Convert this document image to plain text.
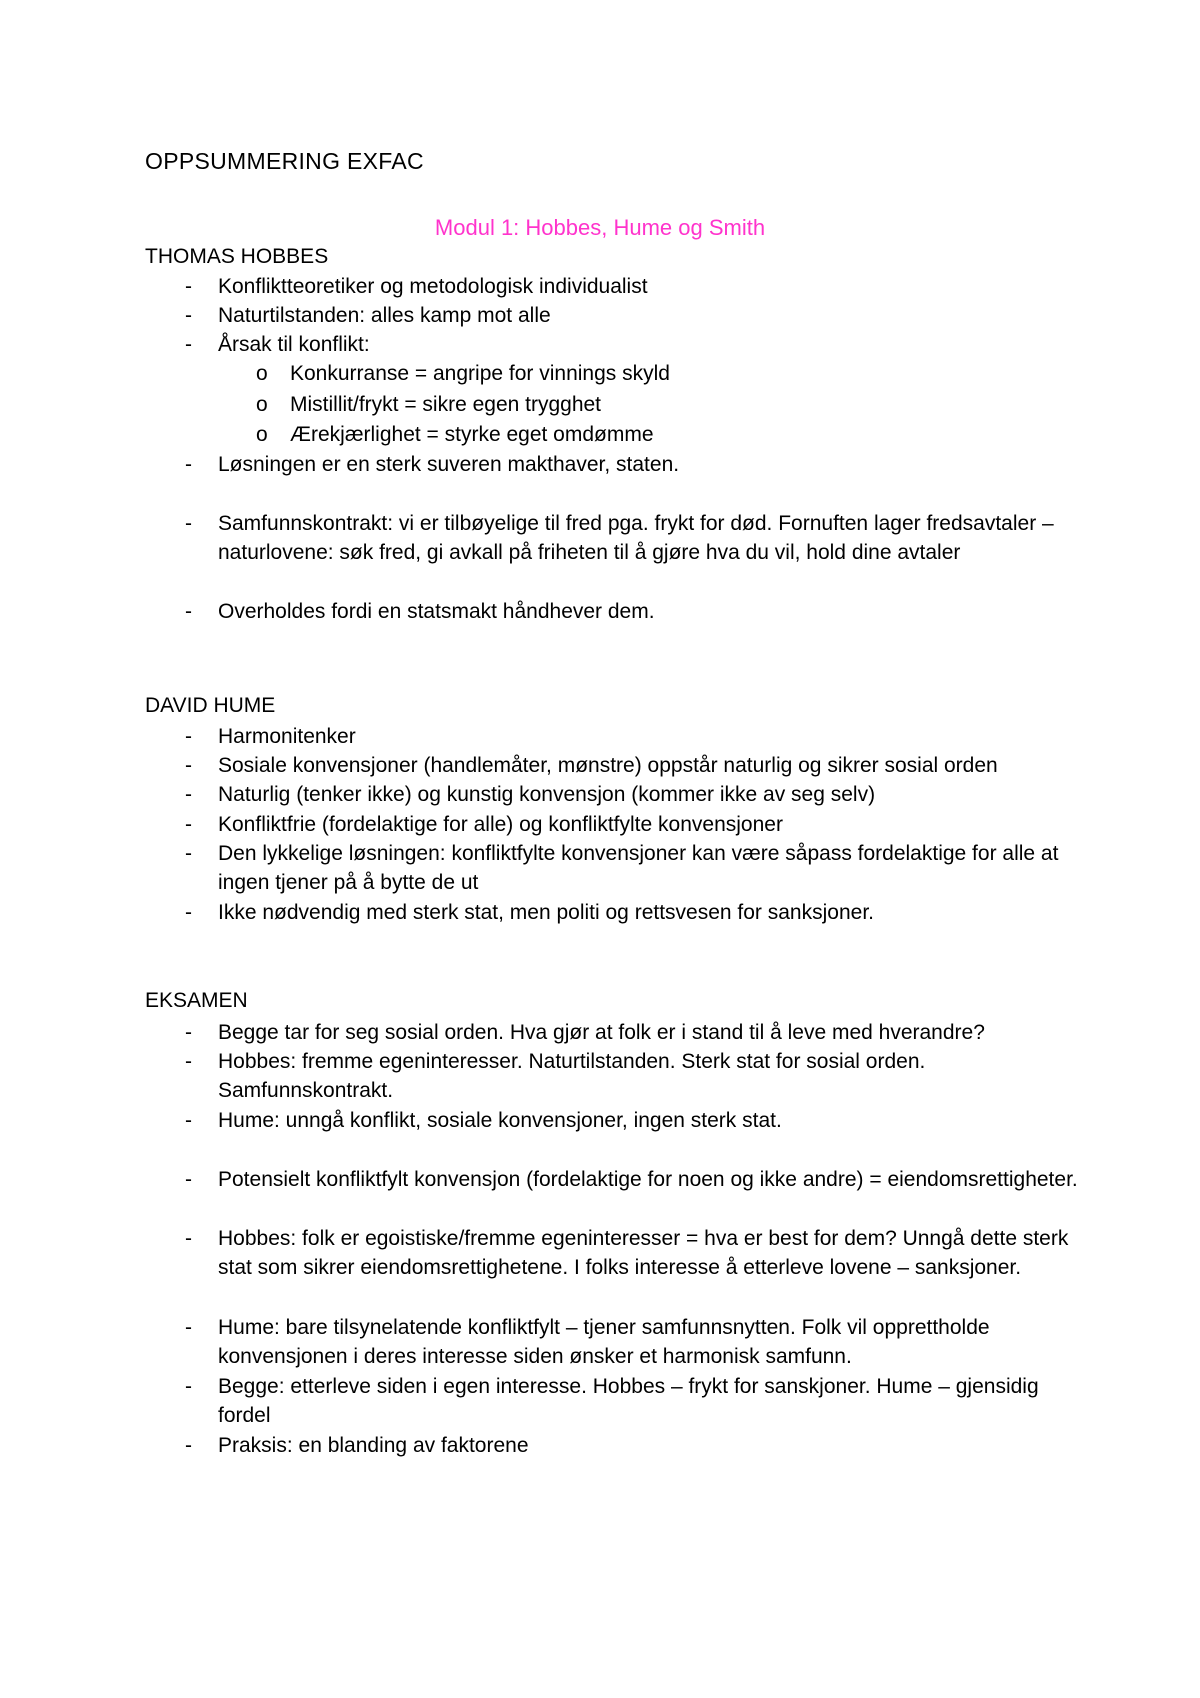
OPPSUMMERING EXFAC
Modul 1: Hobbes, Hume og Smith
THOMAS HOBBES
- Konfliktteoretiker og metodologisk individualist
- Naturtilstanden: alles kamp mot alle
- Årsak til konflikt:
o Konkurranse = angripe for vinnings skyld
o Mistillit/frykt = sikre egen trygghet
o Ærekjærlighet = styrke eget omdømme
- Løsningen er en sterk suveren makthaver, staten.
- Samfunnskontrakt: vi er tilbøyelige til fred pga. frykt for død. Fornuften lager fredsavtaler – naturlovene: søk fred, gi avkall på friheten til å gjøre hva du vil, hold dine avtaler
- Overholdes fordi en statsmakt håndhever dem.
DAVID HUME
- Harmonitenker
- Sosiale konvensjoner (handlemåter, mønstre) oppstår naturlig og sikrer sosial orden
- Naturlig (tenker ikke) og kunstig konvensjon (kommer ikke av seg selv)
- Konfliktfrie (fordelaktige for alle) og konfliktfylte konvensjoner
- Den lykkelige løsningen: konfliktfylte konvensjoner kan være såpass fordelaktige for alle at ingen tjener på å bytte de ut
- Ikke nødvendig med sterk stat, men politi og rettsvesen for sanksjoner.
EKSAMEN
- Begge tar for seg sosial orden. Hva gjør at folk er i stand til å leve med hverandre?
- Hobbes: fremme egeninteresser. Naturtilstanden. Sterk stat for sosial orden. Samfunnskontrakt.
- Hume: unngå konflikt, sosiale konvensjoner, ingen sterk stat.
- Potensielt konfliktfylt konvensjon (fordelaktige for noen og ikke andre) = eiendomsrettigheter.
- Hobbes: folk er egoistiske/fremme egeninteresser = hva er best for dem? Unngå dette sterk stat som sikrer eiendomsrettighetene. I folks interesse å etterleve lovene – sanksjoner.
- Hume: bare tilsynelatende konfliktfylt – tjener samfunnsnytten. Folk vil opprettholde konvensjonen i deres interesse siden ønsker et harmonisk samfunn.
- Begge: etterleve siden i egen interesse. Hobbes – frykt for sanskjoner. Hume – gjensidig fordel
- Praksis: en blanding av faktorene
